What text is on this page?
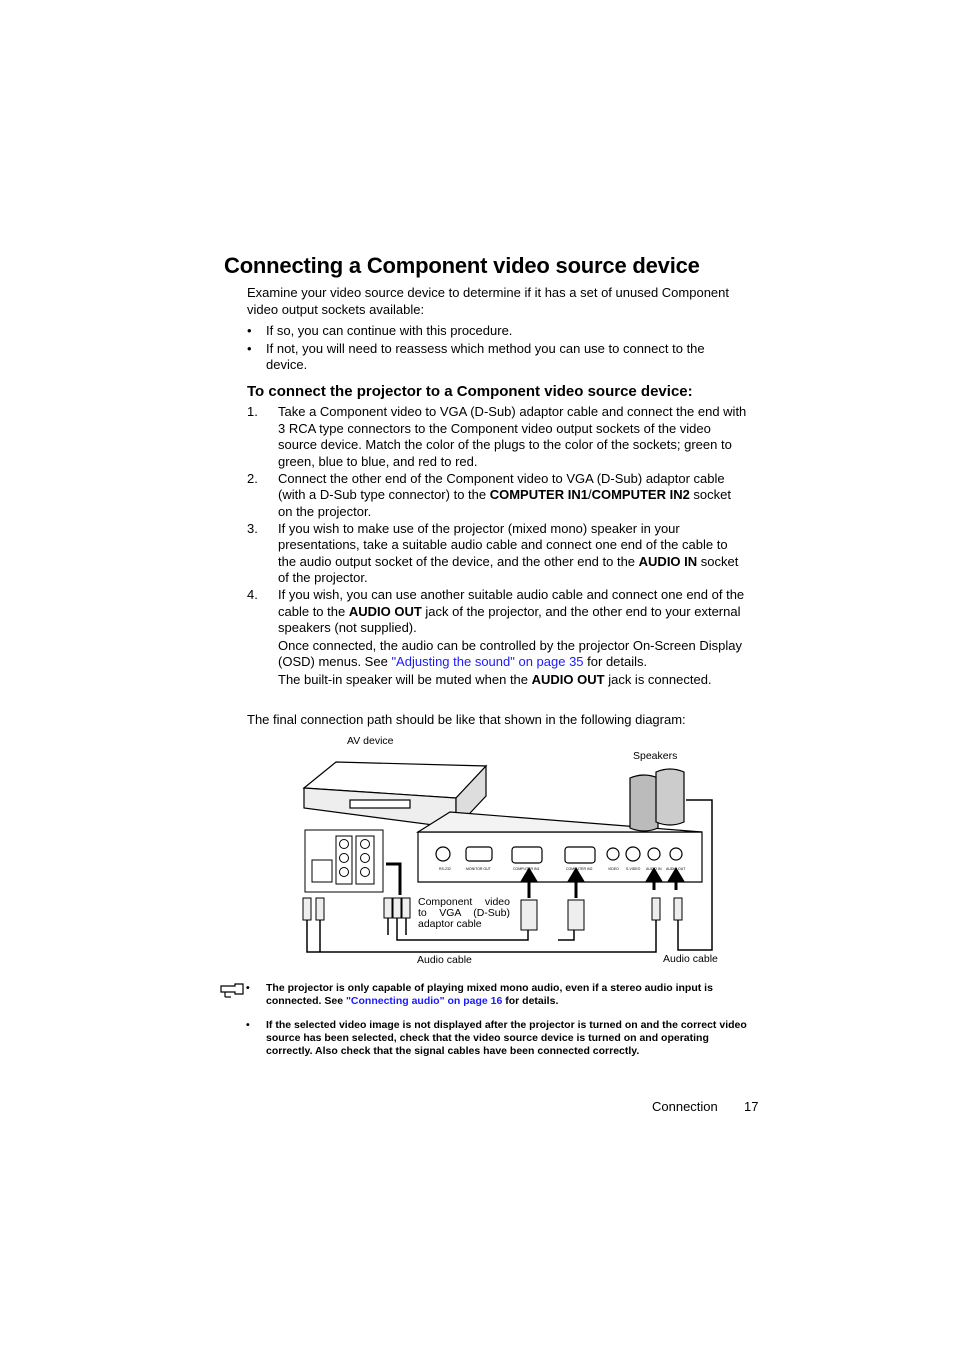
Connecting a Component video source device
Examine your video source device to determine if it has a set of unused Component video output sockets available:
• If so, you can continue with this procedure.
• If not, you will need to reassess which method you can use to connect to the device.
To connect the projector to a Component video source device:
1. Take a Component video to VGA (D-Sub) adaptor cable and connect the end with 3 RCA type connectors to the Component video output sockets of the video source device. Match the color of the plugs to the color of the sockets; green to green, blue to blue, and red to red.
2. Connect the other end of the Component video to VGA (D-Sub) adaptor cable (with a D-Sub type connector) to the COMPUTER IN1/COMPUTER IN2 socket on the projector.
3. If you wish to make use of the projector (mixed mono) speaker in your presentations, take a suitable audio cable and connect one end of the cable to the audio output socket of the device, and the other end to the AUDIO IN socket of the projector.
4. If you wish, you can use another suitable audio cable and connect one end of the cable to the AUDIO OUT jack of the projector, and the other end to your external speakers (not supplied).
Once connected, the audio can be controlled by the projector On-Screen Display (OSD) menus. See "Adjusting the sound" on page 35 for details.
The built-in speaker will be muted when the AUDIO OUT jack is connected.
The final connection path should be like that shown in the following diagram:
AV device
Speakers
Component video to VGA (D-Sub) adaptor cable
Audio cable	Audio cable
RS-232	MONITOR OUT	COMPUTER IN1	COMPUTER IN2	VIDEO S-VIDEO AUDIO IN AUDIO OUT
• The projector is only capable of playing mixed mono audio, even if a stereo audio input is connected. See "Connecting audio" on page 16 for details.
• If the selected video image is not displayed after the projector is turned on and the correct video source has been selected, check that the video source device is turned on and operating correctly. Also check that the signal cables have been connected correctly.
Connection 17
